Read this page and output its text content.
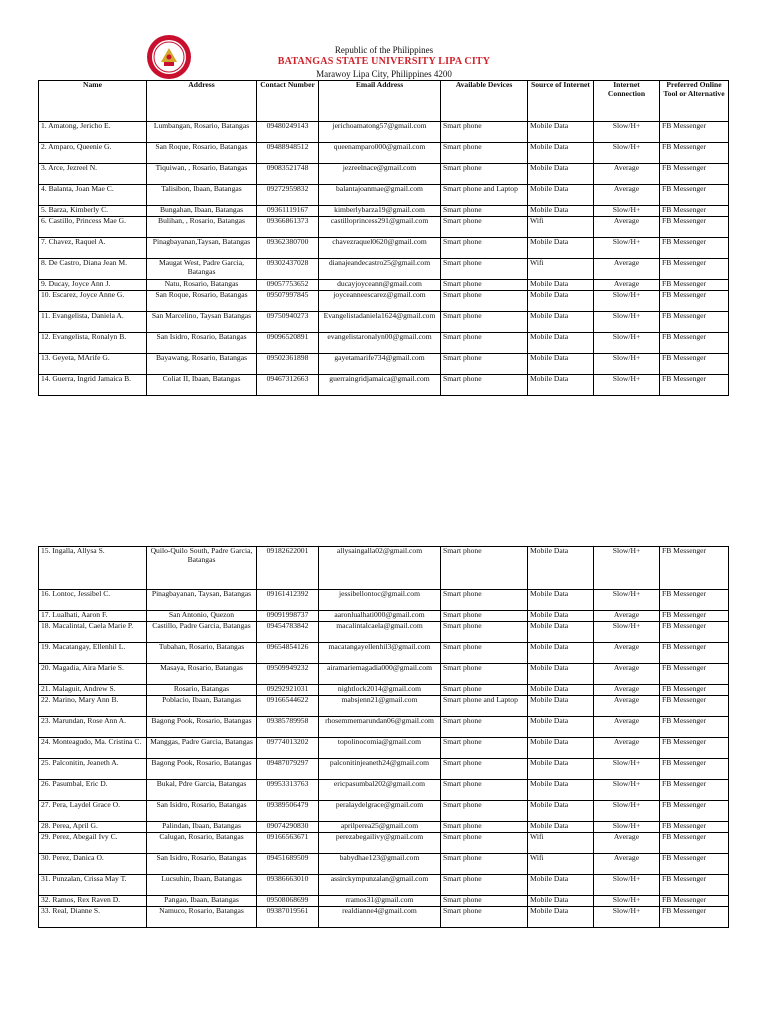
Republic of the Philippines
BATANGAS STATE UNIVERSITY LIPA CITY
Marawoy Lipa City, Philippines 4200
Name	Address	Contact Number	Email Address	Available Devices	Source of Internet	Internet Connection	Preferred Online Tool or Alternative
1. Amatong, Jericho E.	Lumbangan, Rosario, Batangas	09480249143	jerichoamatong57@gmail.com	Smart phone	Mobile Data	Slow/H+	FB Messenger
2. Amparo, Queenie G.	San Roque, Rosario, Batangas	09488948512	queenamparo000@gmail.com	Smart phone	Mobile Data	Slow/H+	FB Messenger
3. Arce, Jezreel N.	Tiquiwan, , Rosario, Batangas	09083521748	jezreelnace@gmail.com	Smart phone	Mobile Data	Average	FB Messenger
4. Balanta, Joan Mae C.	Talisibon, Ibaan, Batangas	09272959832	balantajoanmae@gmail.com	Smart phone and Laptop	Mobile Data	Average	FB Messenger
5. Barza, Kimberly C.	Bungahan, Ibaan, Batangas	09361119167	kimberlybarza19@gmail.com	Smart phone	Mobile Data	Slow/H+	FB Messenger
6. Castillo, Princess Mae G.	Bulihan, , Rosario, Batangas	09366861373	castilloprincess291@gmail.com	Smart phone	Wifi	Average	FB Messenger
7. Chavez, Raquel A.	Pinagbayanan,Taysan, Batangas	09362380700	chavezraquel0620@gmail.com	Smart phone	Mobile Data	Slow/H+	FB Messenger
8. De Castro, Diana Jean M.	Maugat West, Padre Garcia, Batangas	09302437028	dianajeandecastro25@gmail.com	Smart phone	Wifi	Average	FB Messenger
9. Ducay, Joyce Ann J.	Natu, Rosario, Batangas	09057753652	ducayjoyceann@gmail.com	Smart phone	Mobile Data	Average	FB Messenger
10. Escarez, Joyce Anne G.	San Roque, Rosario, Batangas	09507997845	joyceanneescarez@gmail.com	Smart phone	Mobile Data	Slow/H+	FB Messenger
11. Evangelista, Daniela A.	San Marcelino, Taysan Batangas	09750940273	Evangelistadaniela1624@gmail.com	Smart phone	Mobile Data	Slow/H+	FB Messenger
12. Evangelista, Ronalyn B.	San Isidro, Rosario, Batangas	09096520891	evangelistaronalyn00@gmail.com	Smart phone	Mobile Data	Slow/H+	FB Messenger
13. Geyeta, MArife G.	Bayawang, Rosario, Batangas	09502361898	gayetamarife734@gmail.com	Smart phone	Mobile Data	Slow/H+	FB Messenger
14. Guerra, Ingrid Jamaica B.	Coliat II, Ibaan, Batangas	09467312663	guerraingridjamaica@gmail.com	Smart phone	Mobile Data	Slow/H+	FB Messenger
15. Ingalla, Allysa S.	Quilo-Quilo South, Padre Garcia, Batangas	09182622001	allysaingalla02@gmail.com	Smart phone	Mobile Data	Slow/H+	FB Messenger
16. Lontoc, Jessibel C.	Pinagbayanan, Taysan, Batangas	09161412392	jessibellontoc@gmail.com	Smart phone	Mobile Data	Slow/H+	FB Messenger
17. Lualhati, Aaron F.	San Antonio, Quezon	09091998737	aaronlualhati000@gmail.com	Smart phone	Mobile Data	Average	FB Messenger
18. Macalintal, Caela Marie P.	Castillo, Padre Garcia, Batangas	09454783842	macalintalcaela@gmail.com	Smart phone	Mobile Data	Slow/H+	FB Messenger
19. Macatangay, Ellenhil L.	Tubahan, Rosario, Batangas	09654854126	macatangayellenhil3@gmail.com	Smart phone	Mobile Data	Average	FB Messenger
20. Magadia, Aira Marie S.	Masaya, Rosario, Batangas	09509949232	airamariemagadia000@gmail.com	Smart phone	Mobile Data	Average	FB Messenger
21. Malaguit, Andrew S.	Rosario, Batangas	09292921031	nightlock2014@gmail.com	Smart phone	Mobile Data	Average	FB Messenger
22. Marino, Mary Ann B.	Poblacio, Ibaan, Batangas	09166544622	mabsjenn21@gmail.com	Smart phone and Laptop	Mobile Data	Average	FB Messenger
23. Marundan, Rose Ann A.	Bagong Pook, Rosario, Batangas	09385789958	rhosemmemarundan06@gmail.com	Smart phone	Mobile Data	Average	FB Messenger
24. Monteagudo, Ma. Cristina C.	Manggas, Padre Garcia, Batangas	09774013202	topolinocomia@gmail.com	Smart phone	Mobile Data	Average	FB Messenger
25. Palconitin, Jeaneth A.	Bagong Pook, Rosario, Batangas	09487079297	palconitinjeaneth24@gmail.com	Smart phone	Mobile Data	Slow/H+	FB Messenger
26. Pasumbal, Eric D.	Bukal, Pdre Garcia, Batangas	09953313763	ericpasumbal202@gmail.com	Smart phone	Mobile Data	Slow/H+	FB Messenger
27. Pera, Laydel Grace O.	San Isidro, Rosario, Batangas	09389506479	peralaydelgrace@gmail.com	Smart phone	Mobile Data	Slow/H+	FB Messenger
28. Perea, April G.	Palindan, Ibaan, Batangas	09074290830	aprilperea25@gmail.com	Smart phone	Mobile Data	Slow/H+	FB Messenger
29. Perez, Abegail Ivy C.	Calugan, Rosario, Batangas	09166563671	perezabegailivy@gmail.com	Smart phone	Wifi	Average	FB Messenger
30. Perez, Danica O.	San Isidro, Rosario, Batangas	09451689509	babydhae123@gmail.com	Smart phone	Wifi	Average	FB Messenger
31. Punzalan, Crissa May T.	Lucsuhin, Ibaan, Batangas	09386663010	assirckympunzalan@gmail.com	Smart phone	Mobile Data	Slow/H+	FB Messenger
32. Ramos, Rex Raven D.	Pangao, Ibaan, Batangas	09508068699	rramos31@gmail.com	Smart phone	Mobile Data	Slow/H+	FB Messenger
33. Real, Dianne S.	Namuco, Rosario, Batangas	09387019561	realdianne4@gmail.com	Smart phone	Mobile Data	Slow/H+	FB Messenger
